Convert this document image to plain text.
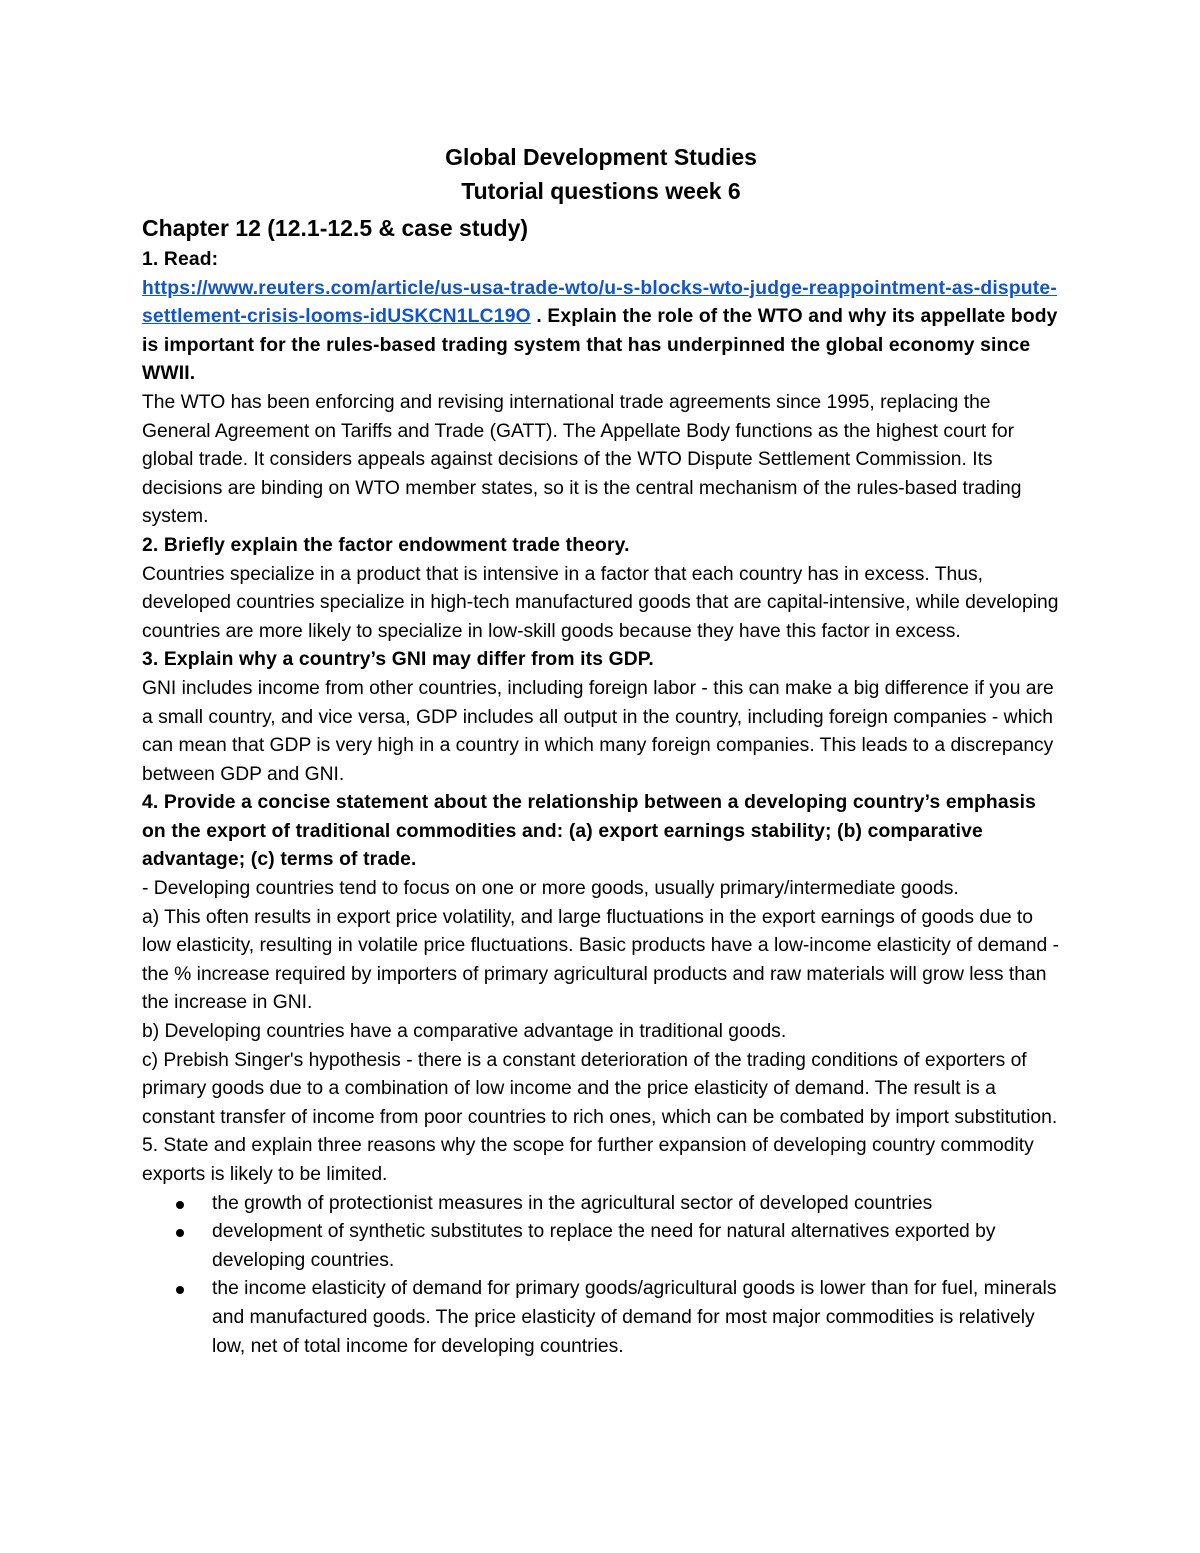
Global Development Studies

Tutorial questions week 6

Chapter 12 (12.1-12.5 & case study)

1. Read:

https://www.reuters.com/article/us-usa-trade-wto/u-s-blocks-wto-judge-reappointment-as-dispute-settlement-crisis-looms-idUSKCN1LC19O . Explain the role of the WTO and why its appellate body is important for the rules-based trading system that has underpinned the global economy since WWII.

The WTO has been enforcing and revising international trade agreements since 1995, replacing the General Agreement on Tariffs and Trade (GATT). The Appellate Body functions as the highest court for global trade. It considers appeals against decisions of the WTO Dispute Settlement Commission. Its decisions are binding on WTO member states, so it is the central mechanism of the rules-based trading system.

2. Briefly explain the factor endowment trade theory.

Countries specialize in a product that is intensive in a factor that each country has in excess. Thus, developed countries specialize in high-tech manufactured goods that are capital-intensive, while developing countries are more likely to specialize in low-skill goods because they have this factor in excess.

3. Explain why a country’s GNI may differ from its GDP.

GNI includes income from other countries, including foreign labor - this can make a big difference if you are a small country, and vice versa, GDP includes all output in the country, including foreign companies - which can mean that GDP is very high in a country in which many foreign companies. This leads to a discrepancy between GDP and GNI.

4. Provide a concise statement about the relationship between a developing country’s emphasis on the export of traditional commodities and: (a) export earnings stability; (b) comparative advantage; (c) terms of trade.

- Developing countries tend to focus on one or more goods, usually primary/intermediate goods.

a) This often results in export price volatility, and large fluctuations in the export earnings of goods due to low elasticity, resulting in volatile price fluctuations. Basic products have a low-income elasticity of demand - the % increase required by importers of primary agricultural products and raw materials will grow less than the increase in GNI.

b) Developing countries have a comparative advantage in traditional goods.

c) Prebish Singer's hypothesis - there is a constant deterioration of the trading conditions of exporters of primary goods due to a combination of low income and the price elasticity of demand. The result is a constant transfer of income from poor countries to rich ones, which can be combated by import substitution.

5. State and explain three reasons why the scope for further expansion of developing country commodity exports is likely to be limited.

the growth of protectionist measures in the agricultural sector of developed countries
development of synthetic substitutes to replace the need for natural alternatives exported by developing countries.
the income elasticity of demand for primary goods/agricultural goods is lower than for fuel, minerals and manufactured goods. The price elasticity of demand for most major commodities is relatively low, net of total income for developing countries.
